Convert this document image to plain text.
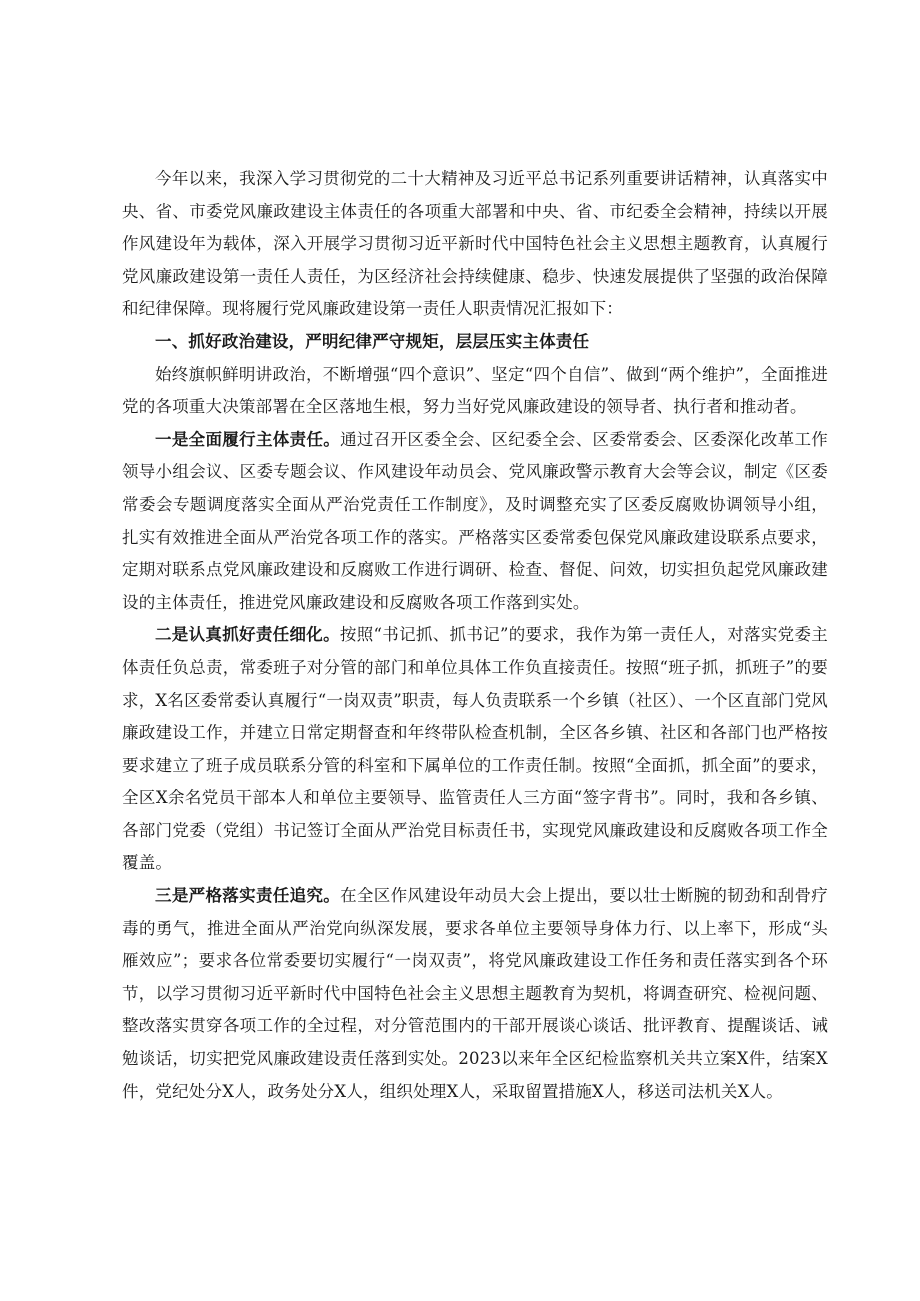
今年以来，我深入学习贯彻党的二十大精神及习近平总书记系列重要讲话精神，认真落实中央、省、市委党风廉政建设主体责任的各项重大部署和中央、省、市纪委全会精神，持续以开展作风建设年为载体，深入开展学习贯彻习近平新时代中国特色社会主义思想主题教育，认真履行党风廉政建设第一责任人责任，为区经济社会持续健康、稳步、快速发展提供了坚强的政治保障和纪律保障。现将履行党风廉政建设第一责任人职责情况汇报如下：

一、抓好政治建设，严明纪律严守规矩，层层压实主体责任

始终旗帜鲜明讲政治，不断增强“四个意识”、坚定“四个自信”、做到“两个维护”，全面推进党的各项重大决策部署在全区落地生根，努力当好党风廉政建设的领导者、执行者和推动者。

一是全面履行主体责任。通过召开区委全会、区纪委全会、区委常委会、区委深化改革工作领导小组会议、区委专题会议、作风建设年动员会、党风廉政警示教育大会等会议，制定《区委常委会专题调度落实全面从严治党责任工作制度》，及时调整充实了区委反腐败协调领导小组，扎实有效推进全面从严治党各项工作的落实。严格落实区委常委包保党风廉政建设联系点要求，定期对联系点党风廉政建设和反腐败工作进行调研、检查、督促、问效，切实担负起党风廉政建设的主体责任，推进党风廉政建设和反腐败各项工作落到实处。

二是认真抓好责任细化。按照“书记抓、抓书记”的要求，我作为第一责任人，对落实党委主体责任负总责，常委班子对分管的部门和单位具体工作负直接责任。按照“班子抓，抓班子”的要求，X名区委常委认真履行“一岗双责”职责，每人负责联系一个乡镇（社区）、一个区直部门党风廉政建设工作，并建立日常定期督查和年终带队检查机制，全区各乡镇、社区和各部门也严格按要求建立了班子成员联系分管的科室和下属单位的工作责任制。按照“全面抓，抓全面”的要求，全区X余名党员干部本人和单位主要领导、监管责任人三方面“签字背书”。同时，我和各乡镇、各部门党委（党组）书记签订全面从严治党目标责任书，实现党风廉政建设和反腐败各项工作全覆盖。

三是严格落实责任追究。在全区作风建设年动员大会上提出，要以壮士断腕的韧劲和刮骨疗毒的勇气，推进全面从严治党向纵深发展，要求各单位主要领导身体力行、以上率下，形成“头雁效应”；要求各位常委要切实履行“一岗双责”，将党风廉政建设工作任务和责任落实到各个环节，以学习贯彻习近平新时代中国特色社会主义思想主题教育为契机，将调查研究、检视问题、整改落实贯穿各项工作的全过程，对分管范围内的干部开展谈心谈话、批评教育、提醒谈话、诫勉谈话，切实把党风廉政建设责任落到实处。2023以来年全区纪检监察机关共立案X件，结案X件，党纪处分X人，政务处分X人，组织处理X人，采取留置措施X人，移送司法机关X人。
